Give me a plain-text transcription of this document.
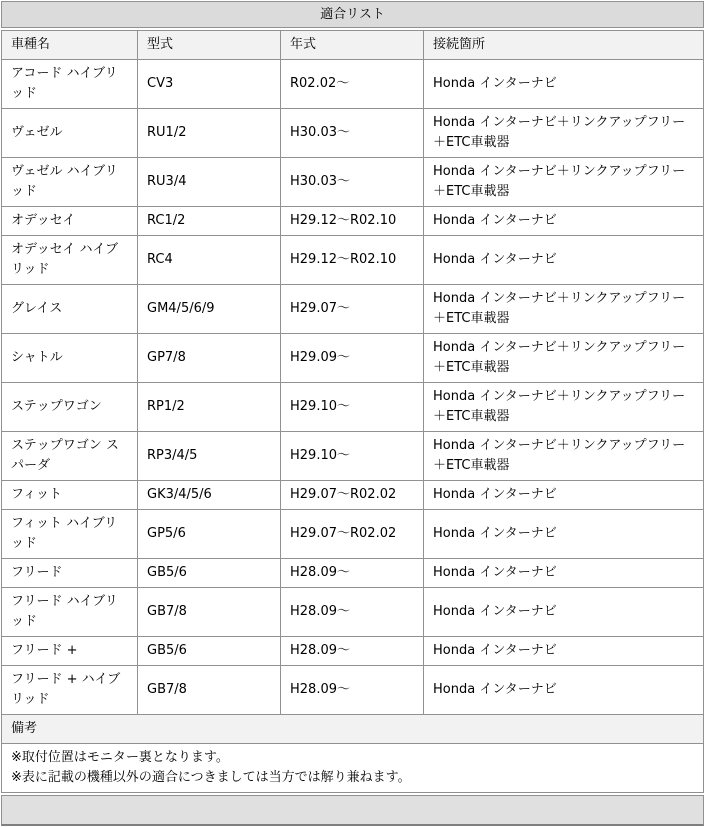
適合リスト
車種名	型式	年式	接続箇所
アコード ハイブリッド	CV3	R02.02～	Honda インターナビ
ヴェゼル	RU1/2	H30.03～	Honda インターナビ＋リンクアップフリー＋ETC車載器
ヴェゼル ハイブリッド	RU3/4	H30.03～	Honda インターナビ＋リンクアップフリー＋ETC車載器
オデッセイ	RC1/2	H29.12～R02.10	Honda インターナビ
オデッセイ ハイブリッド	RC4	H29.12～R02.10	Honda インターナビ
グレイス	GM4/5/6/9	H29.07～	Honda インターナビ＋リンクアップフリー＋ETC車載器
シャトル	GP7/8	H29.09～	Honda インターナビ＋リンクアップフリー＋ETC車載器
ステップワゴン	RP1/2	H29.10～	Honda インターナビ＋リンクアップフリー＋ETC車載器
ステップワゴン スパーダ	RP3/4/5	H29.10～	Honda インターナビ＋リンクアップフリー＋ETC車載器
フィット	GK3/4/5/6	H29.07～R02.02	Honda インターナビ
フィット ハイブリッド	GP5/6	H29.07～R02.02	Honda インターナビ
フリード	GB5/6	H28.09～	Honda インターナビ
フリード ハイブリッド	GB7/8	H28.09～	Honda インターナビ
フリード +	GB5/6	H28.09～	Honda インターナビ
フリード + ハイブリッド	GB7/8	H28.09～	Honda インターナビ
備考			

※取付位置はモニター裏となります。
※表に記載の機種以外の適合につきましては当方では解り兼ねます。			
